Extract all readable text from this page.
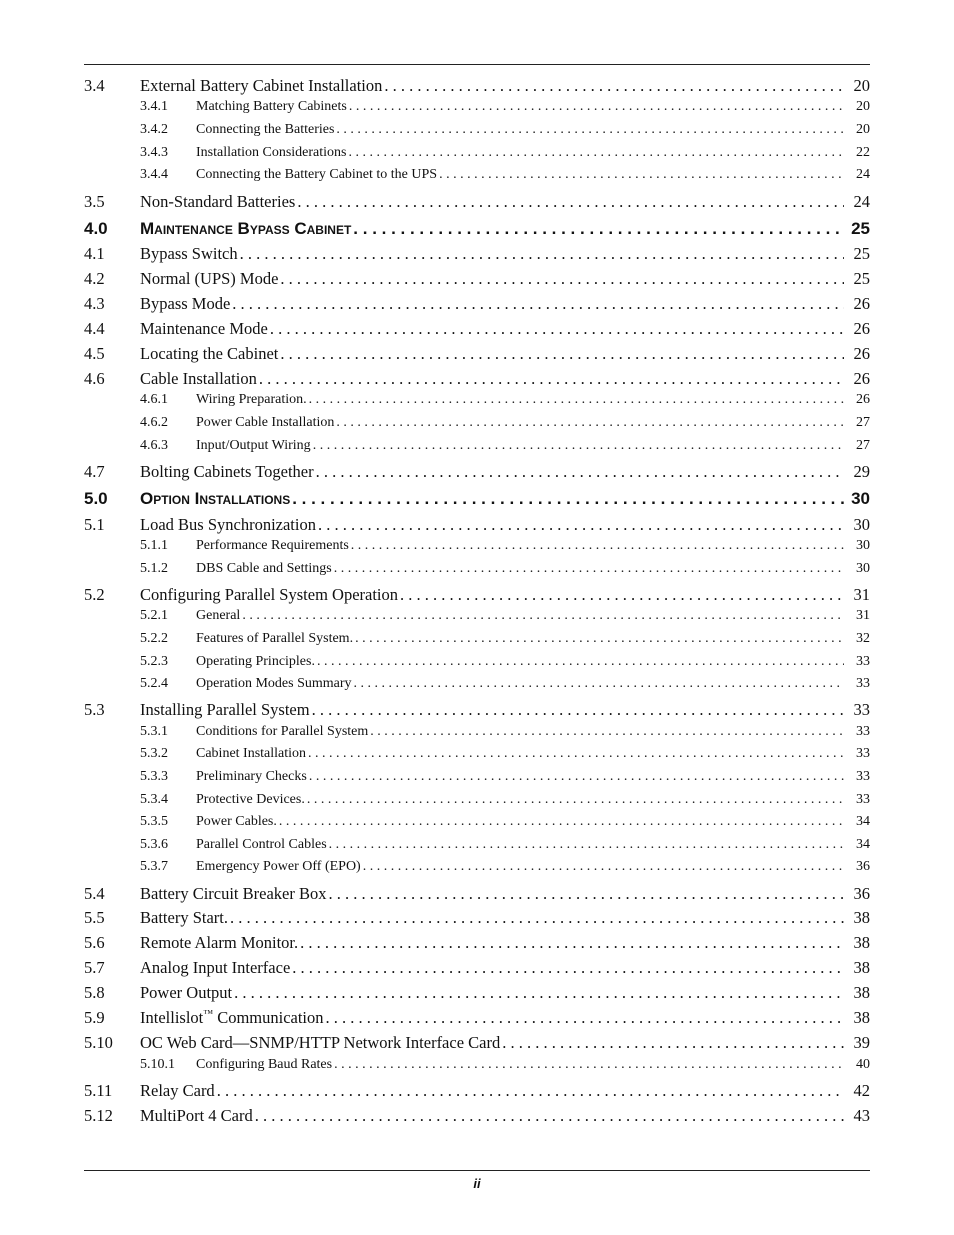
3.4	External Battery Cabinet Installation . . .	20
3.4.1	Matching Battery Cabinets . . .	20
3.4.2	Connecting the Batteries . . .	20
3.4.3	Installation Considerations . . .	22
3.4.4	Connecting the Battery Cabinet to the UPS . . .	24
3.5	Non-Standard Batteries . . .	24
4.0	Maintenance Bypass Cabinet . . .	25
4.1	Bypass Switch . . .	25
4.2	Normal (UPS) Mode . . .	25
4.3	Bypass Mode . . .	26
4.4	Maintenance Mode . . .	26
4.5	Locating the Cabinet . . .	26
4.6	Cable Installation . . .	26
4.6.1	Wiring Preparation. . . .	26
4.6.2	Power Cable Installation . . .	27
4.6.3	Input/Output Wiring . . .	27
4.7	Bolting Cabinets Together . . .	29
5.0	Option Installations . . .	30
5.1	Load Bus Synchronization . . .	30
5.1.1	Performance Requirements . . .	30
5.1.2	DBS Cable and Settings . . .	30
5.2	Configuring Parallel System Operation . . .	31
5.2.1	General . . .	31
5.2.2	Features of Parallel System. . . .	32
5.2.3	Operating Principles. . . .	33
5.2.4	Operation Modes Summary . . .	33
5.3	Installing Parallel System . . .	33
5.3.1	Conditions for Parallel System . . .	33
5.3.2	Cabinet Installation . . .	33
5.3.3	Preliminary Checks . . .	33
5.3.4	Protective Devices. . . .	33
5.3.5	Power Cables. . . .	34
5.3.6	Parallel Control Cables . . .	34
5.3.7	Emergency Power Off (EPO) . . .	36
5.4	Battery Circuit Breaker Box . . .	36
5.5	Battery Start. . . .	38
5.6	Remote Alarm Monitor. . . .	38
5.7	Analog Input Interface . . .	38
5.8	Power Output . . .	38
5.9	Intellislot™ Communication . . .	38
5.10	OC Web Card—SNMP/HTTP Network Interface Card . . .	39
5.10.1	Configuring Baud Rates . . .	40
5.11	Relay Card . . .	42
5.12	MultiPort 4 Card . . .	43
ii
